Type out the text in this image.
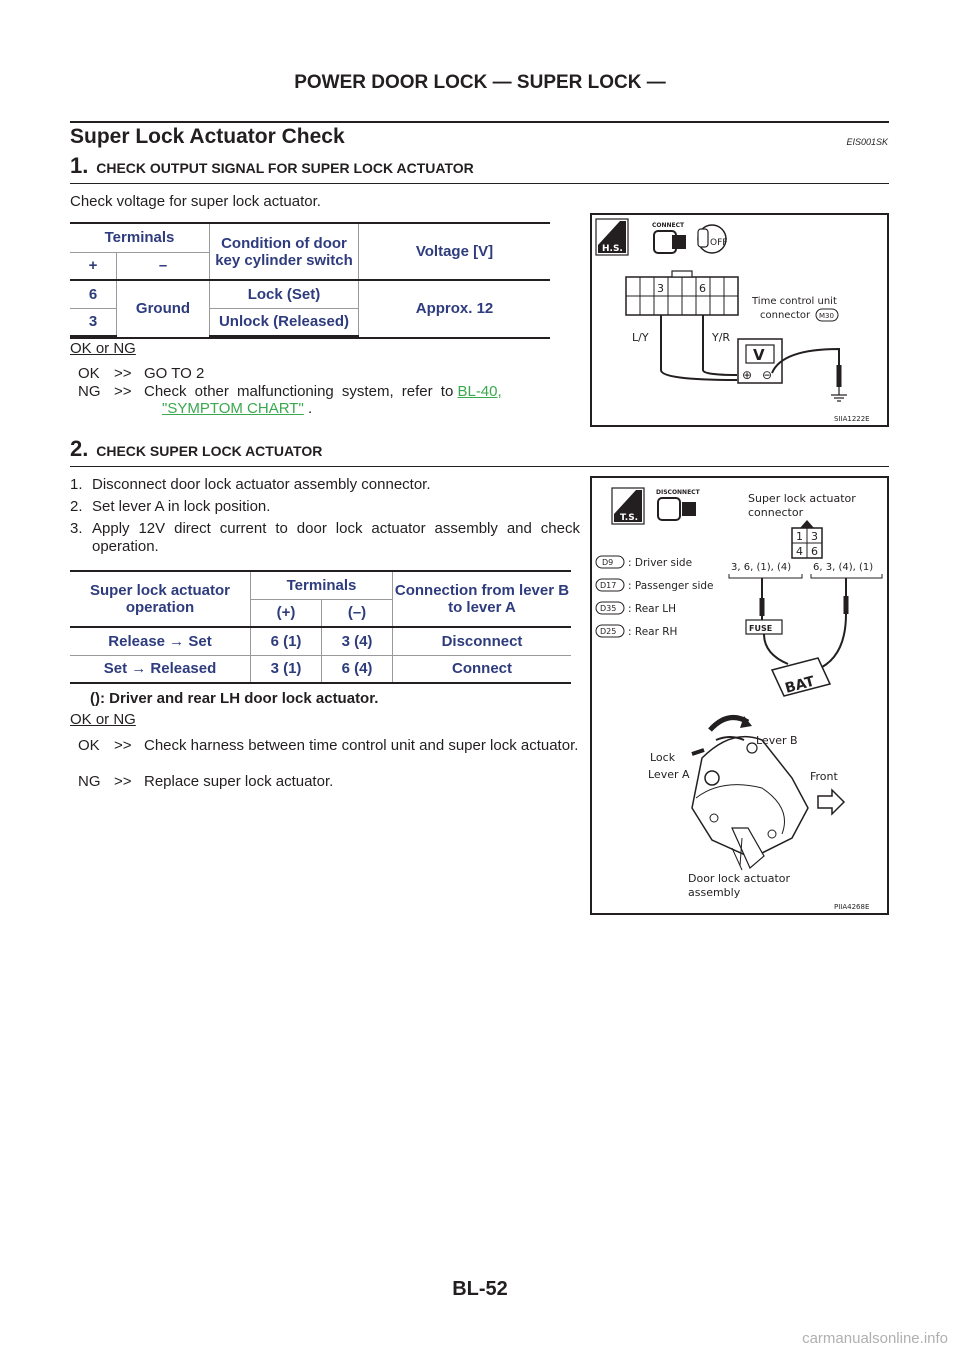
POWER DOOR LOCK — SUPER LOCK —
Super Lock Actuator Check	EIS001SK
1. CHECK OUTPUT SIGNAL FOR SUPER LOCK ACTUATOR
Check voltage for super lock actuator.
Terminals		Condition of door key cylinder switch	Voltage [V]
+	–		
6	Ground	Lock (Set)	Approx. 12
3		Unlock (Released)	

OK or NG
OK >> GO TO 2
NG >> Check other malfunctioning system, refer to BL-40,
"SYMPTOM CHART" .
H.S.
CONNECT
OFF
3	6
Time control unit
connector M30
L/Y	Y/R
V
⊕ ⊖
SIIA1222E
2. CHECK SUPER LOCK ACTUATOR
1. Disconnect door lock actuator assembly connector.
2. Set lever A in lock position.
3. Apply 12V direct current to door lock actuator assembly and check operation.
Super lock actuator operation	Terminals		Connection from lever B to lever A
	(+)	(–)	
Release → Set	6 (1)	3 (4)	Disconnect
Set → Released	3 (1)	6 (4)	Connect
(): Driver and rear LH door lock actuator.
OK or NG
OK >> Check harness between time control unit and super lock actuator.
NG >> Replace super lock actuator.
T.S.
DISCONNECT	Super lock actuator
connector
1 3
4 6
3, 6, (1), (4) 6, 3, (4), (1)
D9 : Driver side
D17 : Passenger side
D35 : Rear LH
D25 : Rear RH	FUSE
BAT
Lever B
Lock
Lever A	Front
Door lock actuator
assembly
PIIA4268E
BL-52
carmanualsonline.info
